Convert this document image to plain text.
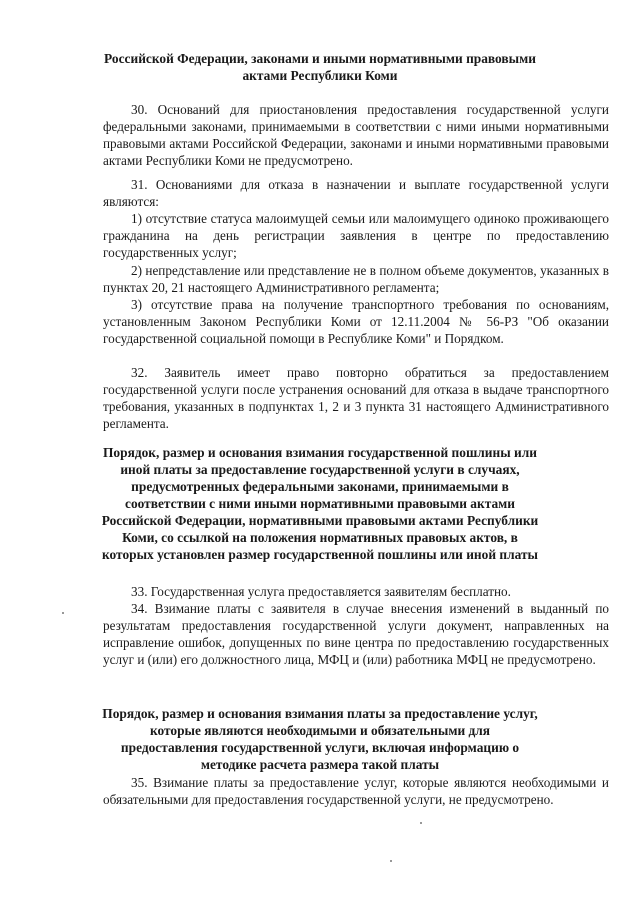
Российской Федерации, законами и иными нормативными правовыми актами Республики Коми

30. Оснований для приостановления предоставления государственной услуги федеральными законами, принимаемыми в соответствии с ними иными нормативными правовыми актами Российской Федерации, законами и иными нормативными правовыми актами Республики Коми не предусмотрено.

31. Основаниями для отказа в назначении и выплате государственной услуги являются:

1) отсутствие статуса малоимущей семьи или малоимущего одиноко проживающего гражданина на день регистрации заявления в центре по предоставлению государственных услуг;

2) непредставление или представление не в полном объеме документов, указанных в пунктах 20, 21 настоящего Административного регламента;

3) отсутствие права на получение транспортного требования по основаниям, установленным Законом Республики Коми от 12.11.2004 № 56-РЗ "Об оказании государственной социальной помощи в Республике Коми" и Порядком.

32. Заявитель имеет право повторно обратиться за предоставлением государственной услуги после устранения оснований для отказа в выдаче транспортного требования, указанных в подпунктах 1, 2 и 3 пункта 31 настоящего Административного регламента.

Порядок, размер и основания взимания государственной пошлины или иной платы за предоставление государственной услуги в случаях, предусмотренных федеральными законами, принимаемыми в соответствии с ними иными нормативными правовыми актами Российской Федерации, нормативными правовыми актами Республики Коми, со ссылкой на положения нормативных правовых актов, в которых установлен размер государственной пошлины или иной платы

33. Государственная услуга предоставляется заявителям бесплатно.

34. Взимание платы с заявителя в случае внесения изменений в выданный по результатам предоставления государственной услуги документ, направленных на исправление ошибок, допущенных по вине центра по предоставлению государственных услуг и (или) его должностного лица, МФЦ и (или) работника МФЦ не предусмотрено.

Порядок, размер и основания взимания платы за предоставление услуг, которые являются необходимыми и обязательными для предоставления государственной услуги, включая информацию о методике расчета размера такой платы

35. Взимание платы за предоставление услуг, которые являются необходимыми и обязательными для предоставления государственной услуги, не предусмотрено.
